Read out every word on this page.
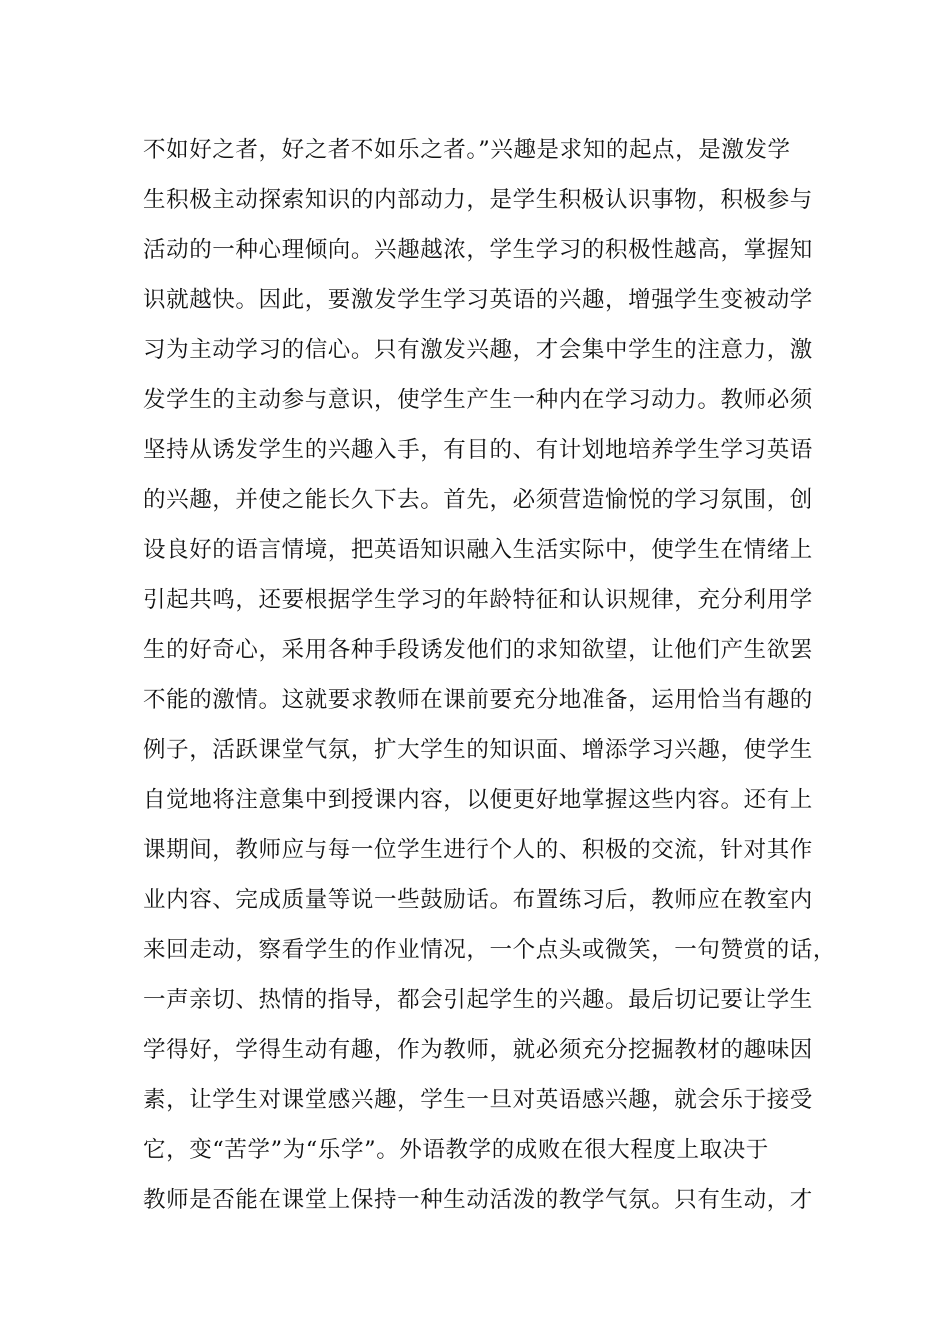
不如好之者，好之者不如乐之者。”兴趣是求知的起点，是激发学
生积极主动探索知识的内部动力，是学生积极认识事物，积极参与
活动的一种心理倾向。兴趣越浓，学生学习的积极性越高，掌握知
识就越快。因此，要激发学生学习英语的兴趣，增强学生变被动学
习为主动学习的信心。只有激发兴趣，才会集中学生的注意力，激
发学生的主动参与意识，使学生产生一种内在学习动力。教师必须
坚持从诱发学生的兴趣入手，有目的、有计划地培养学生学习英语
的兴趣，并使之能长久下去。首先，必须营造愉悦的学习氛围，创
设良好的语言情境，把英语知识融入生活实际中，使学生在情绪上
引起共鸣，还要根据学生学习的年龄特征和认识规律，充分利用学
生的好奇心，采用各种手段诱发他们的求知欲望，让他们产生欲罢
不能的激情。这就要求教师在课前要充分地准备，运用恰当有趣的
例子，活跃课堂气氛，扩大学生的知识面、增添学习兴趣，使学生
自觉地将注意集中到授课内容，以便更好地掌握这些内容。还有上
课期间，教师应与每一位学生进行个人的、积极的交流，针对其作
业内容、完成质量等说一些鼓励话。布置练习后，教师应在教室内
来回走动，察看学生的作业情况，一个点头或微笑，一句赞赏的话，
一声亲切、热情的指导，都会引起学生的兴趣。最后切记要让学生
学得好，学得生动有趣，作为教师，就必须充分挖掘教材的趣味因
素，让学生对课堂感兴趣，学生一旦对英语感兴趣，就会乐于接受
它，变“苦学”为“乐学”。外语教学的成败在很大程度上取决于
教师是否能在课堂上保持一种生动活泼的教学气氛。只有生动，才
